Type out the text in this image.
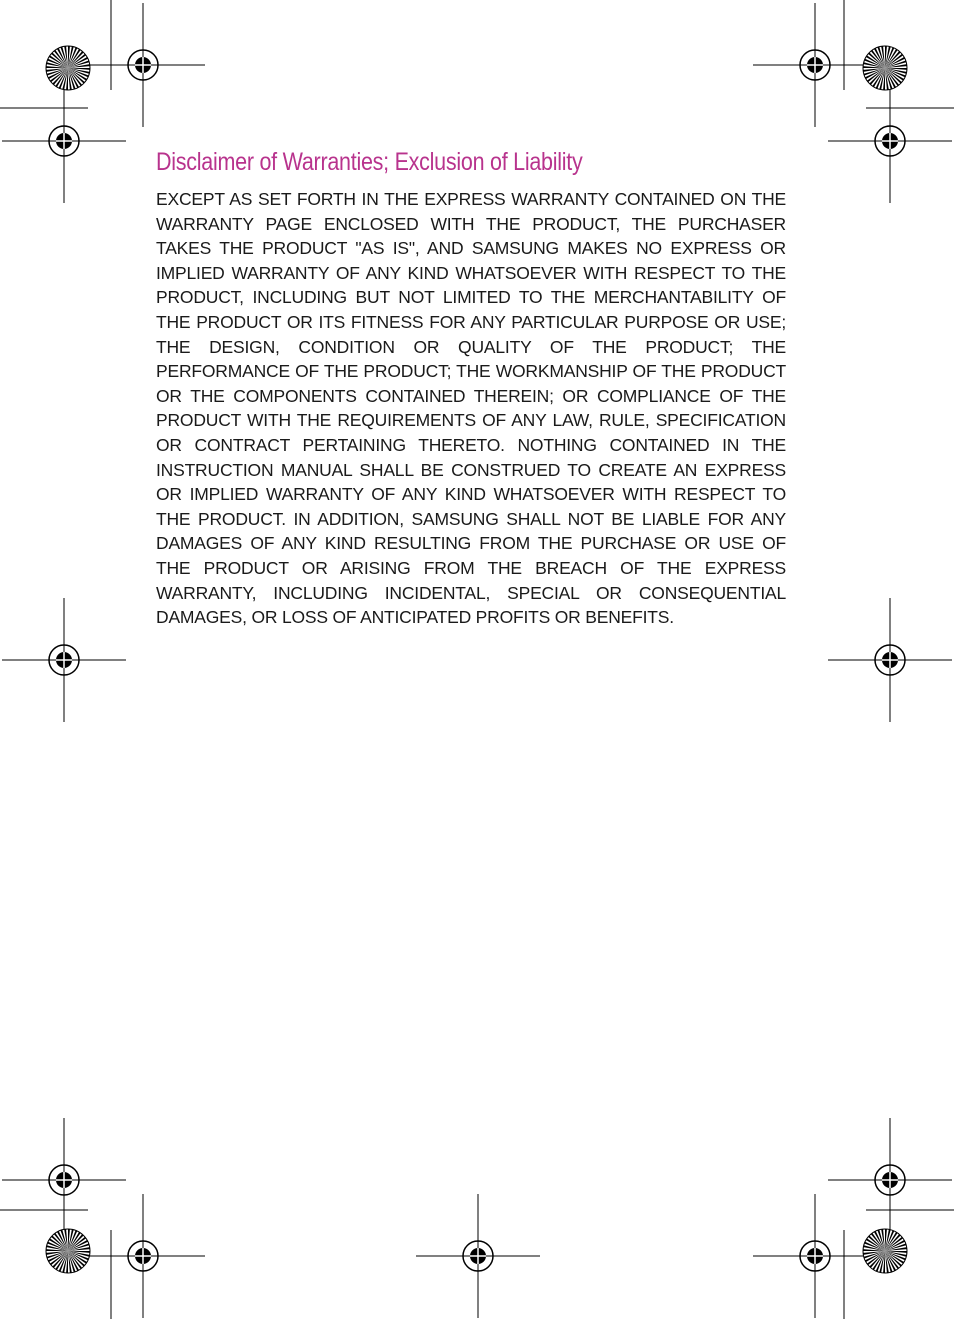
Disclaimer of Warranties; Exclusion of Liability

EXCEPT AS SET FORTH IN THE EXPRESS WARRANTY CONTAINED ON THE WARRANTY PAGE ENCLOSED WITH THE PRODUCT, THE PURCHASER TAKES THE PRODUCT "AS IS", AND SAMSUNG MAKES NO EXPRESS OR IMPLIED WARRANTY OF ANY KIND WHATSOEVER WITH RESPECT TO THE PRODUCT, INCLUDING BUT NOT LIMITED TO THE MERCHANTABILITY OF THE PRODUCT OR ITS FITNESS FOR ANY PARTICULAR PURPOSE OR USE; THE DESIGN, CONDITION OR QUALITY OF THE PRODUCT; THE PERFORMANCE OF THE PRODUCT; THE WORKMANSHIP OF THE PRODUCT OR THE COMPONENTS CONTAINED THEREIN; OR COMPLIANCE OF THE PRODUCT WITH THE REQUIREMENTS OF ANY LAW, RULE, SPECIFICATION OR CONTRACT PERTAINING THERETO. NOTHING CONTAINED IN THE INSTRUCTION MANUAL SHALL BE CONSTRUED TO CREATE AN EXPRESS OR IMPLIED WARRANTY OF ANY KIND WHATSOEVER WITH RESPECT TO THE PRODUCT. IN ADDITION, SAMSUNG SHALL NOT BE LIABLE FOR ANY DAMAGES OF ANY KIND RESULTING FROM THE PURCHASE OR USE OF THE PRODUCT OR ARISING FROM THE BREACH OF THE EXPRESS WARRANTY, INCLUDING INCIDENTAL, SPECIAL OR CONSEQUENTIAL DAMAGES, OR LOSS OF ANTICIPATED PROFITS OR BENEFITS.
